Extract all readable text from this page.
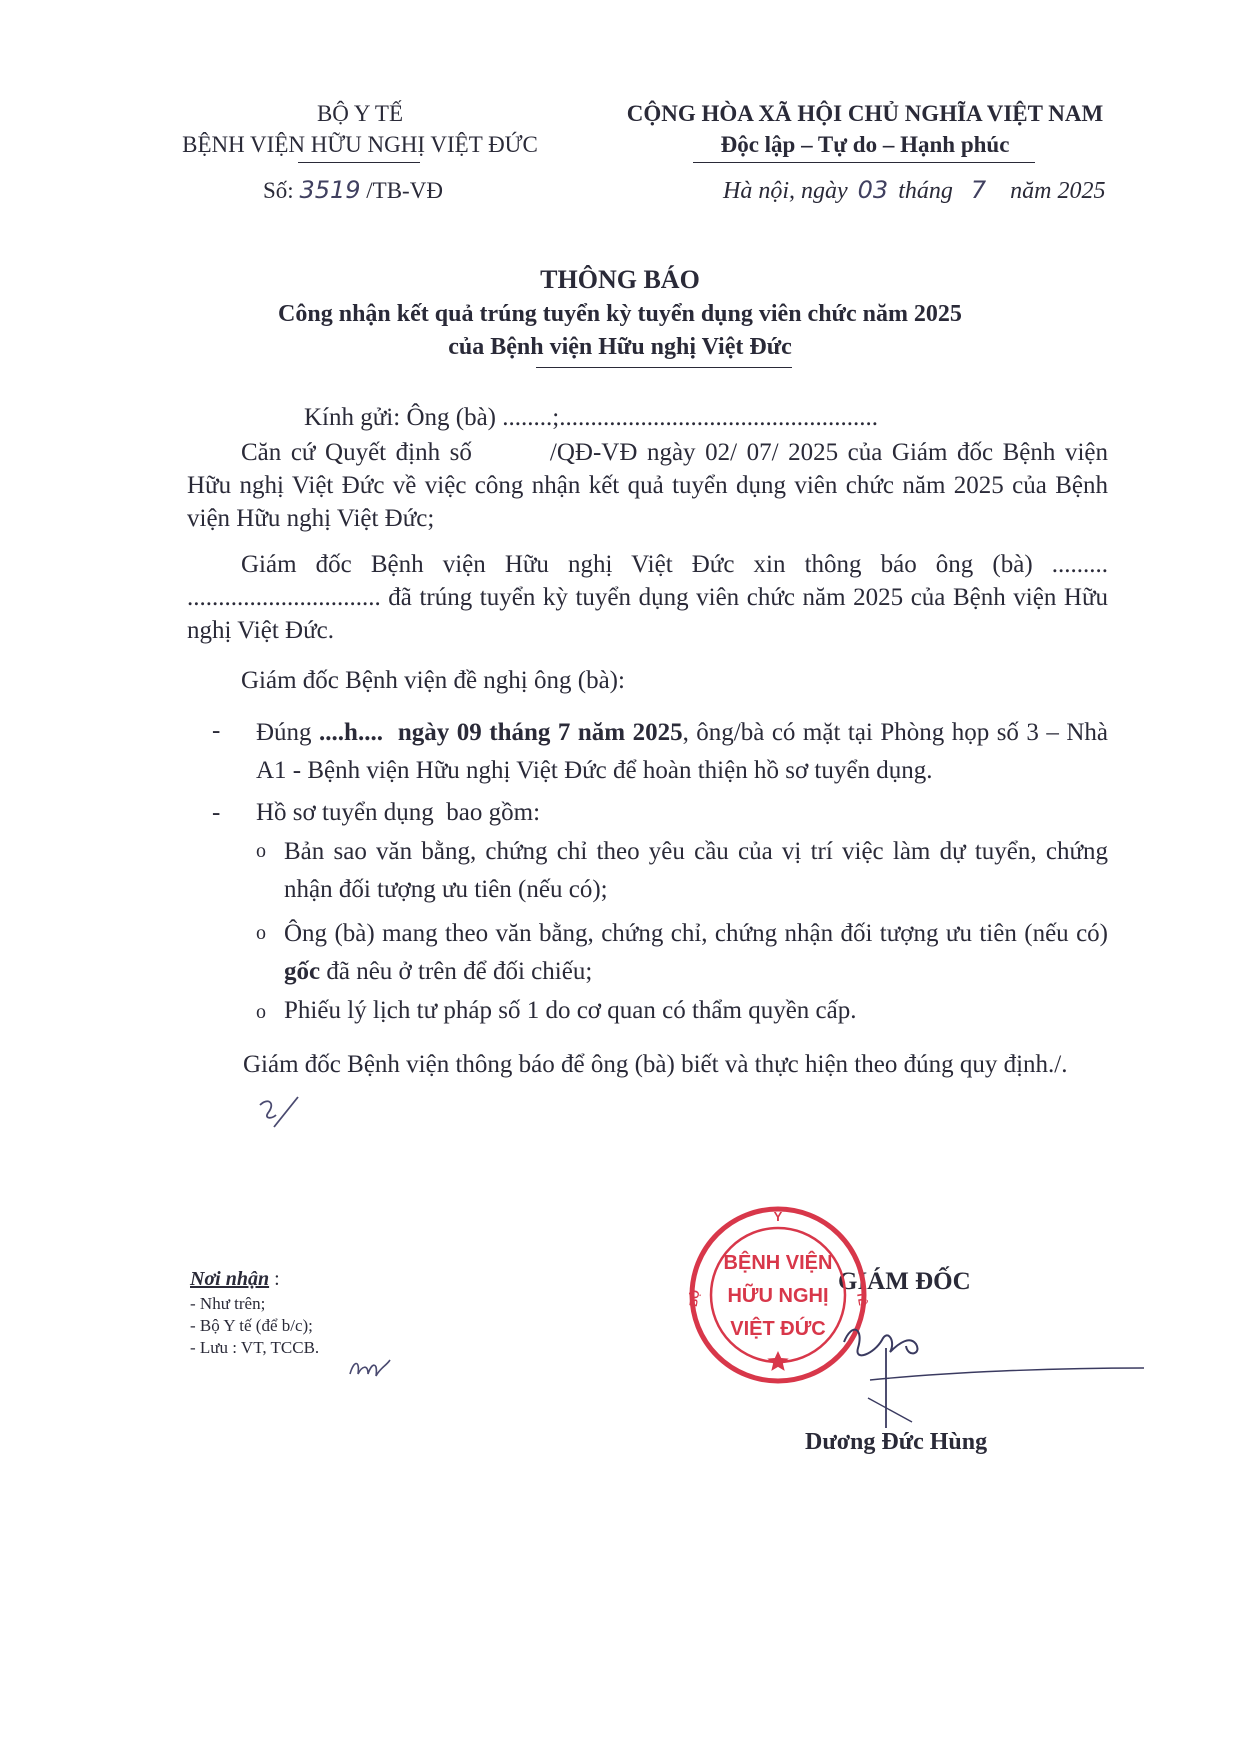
BỘ Y TẾ
BỆNH VIỆN HỮU NGHỊ VIỆT ĐỨC
Số: 3519 /TB-VĐ
CỘNG HÒA XÃ HỘI CHỦ NGHĨA VIỆT NAM
Độc lập – Tự do – Hạnh phúc
Hà nội, ngày 03 tháng 7 năm 2025
THÔNG BÁO
Công nhận kết quả trúng tuyển kỳ tuyển dụng viên chức năm 2025
của Bệnh viện Hữu nghị Việt Đức
Kính gửi: Ông (bà) ........;...................................................
Căn cứ Quyết định số	/QĐ-VĐ ngày 02/ 07/ 2025 của Giám đốc Bệnh viện Hữu nghị Việt Đức về việc công nhận kết quả tuyển dụng viên chức năm 2025 của Bệnh viện Hữu nghị Việt Đức;
Giám đốc Bệnh viện Hữu nghị Việt Đức xin thông báo ông (bà) ......... ............................... đã trúng tuyển kỳ tuyển dụng viên chức năm 2025 của Bệnh viện Hữu nghị Việt Đức.
Giám đốc Bệnh viện đề nghị ông (bà):
- Đúng ....h....  ngày 09 tháng 7 năm 2025, ông/bà có mặt tại Phòng họp số 3 – Nhà A1 - Bệnh viện Hữu nghị Việt Đức để hoàn thiện hồ sơ tuyển dụng.
- Hồ sơ tuyển dụng  bao gồm:
o Bản sao văn bằng, chứng chỉ theo yêu cầu của vị trí việc làm dự tuyển, chứng nhận đối tượng ưu tiên (nếu có);
o Ông (bà) mang theo văn bằng, chứng chỉ, chứng nhận đối tượng ưu tiên (nếu có) gốc đã nêu ở trên để đối chiếu;
o Phiếu lý lịch tư pháp số 1 do cơ quan có thẩm quyền cấp.
Giám đốc Bệnh viện thông báo để ông (bà) biết và thực hiện theo đúng quy định./.
Nơi nhận :
- Như trên;
- Bộ Y tế (để b/c);
- Lưu : VT, TCCB.
GIÁM ĐỐC
Y
BỘ	TẾ
BỆNH VIỆN
HỮU NGHỊ
VIỆT ĐỨC
Dương Đức Hùng
